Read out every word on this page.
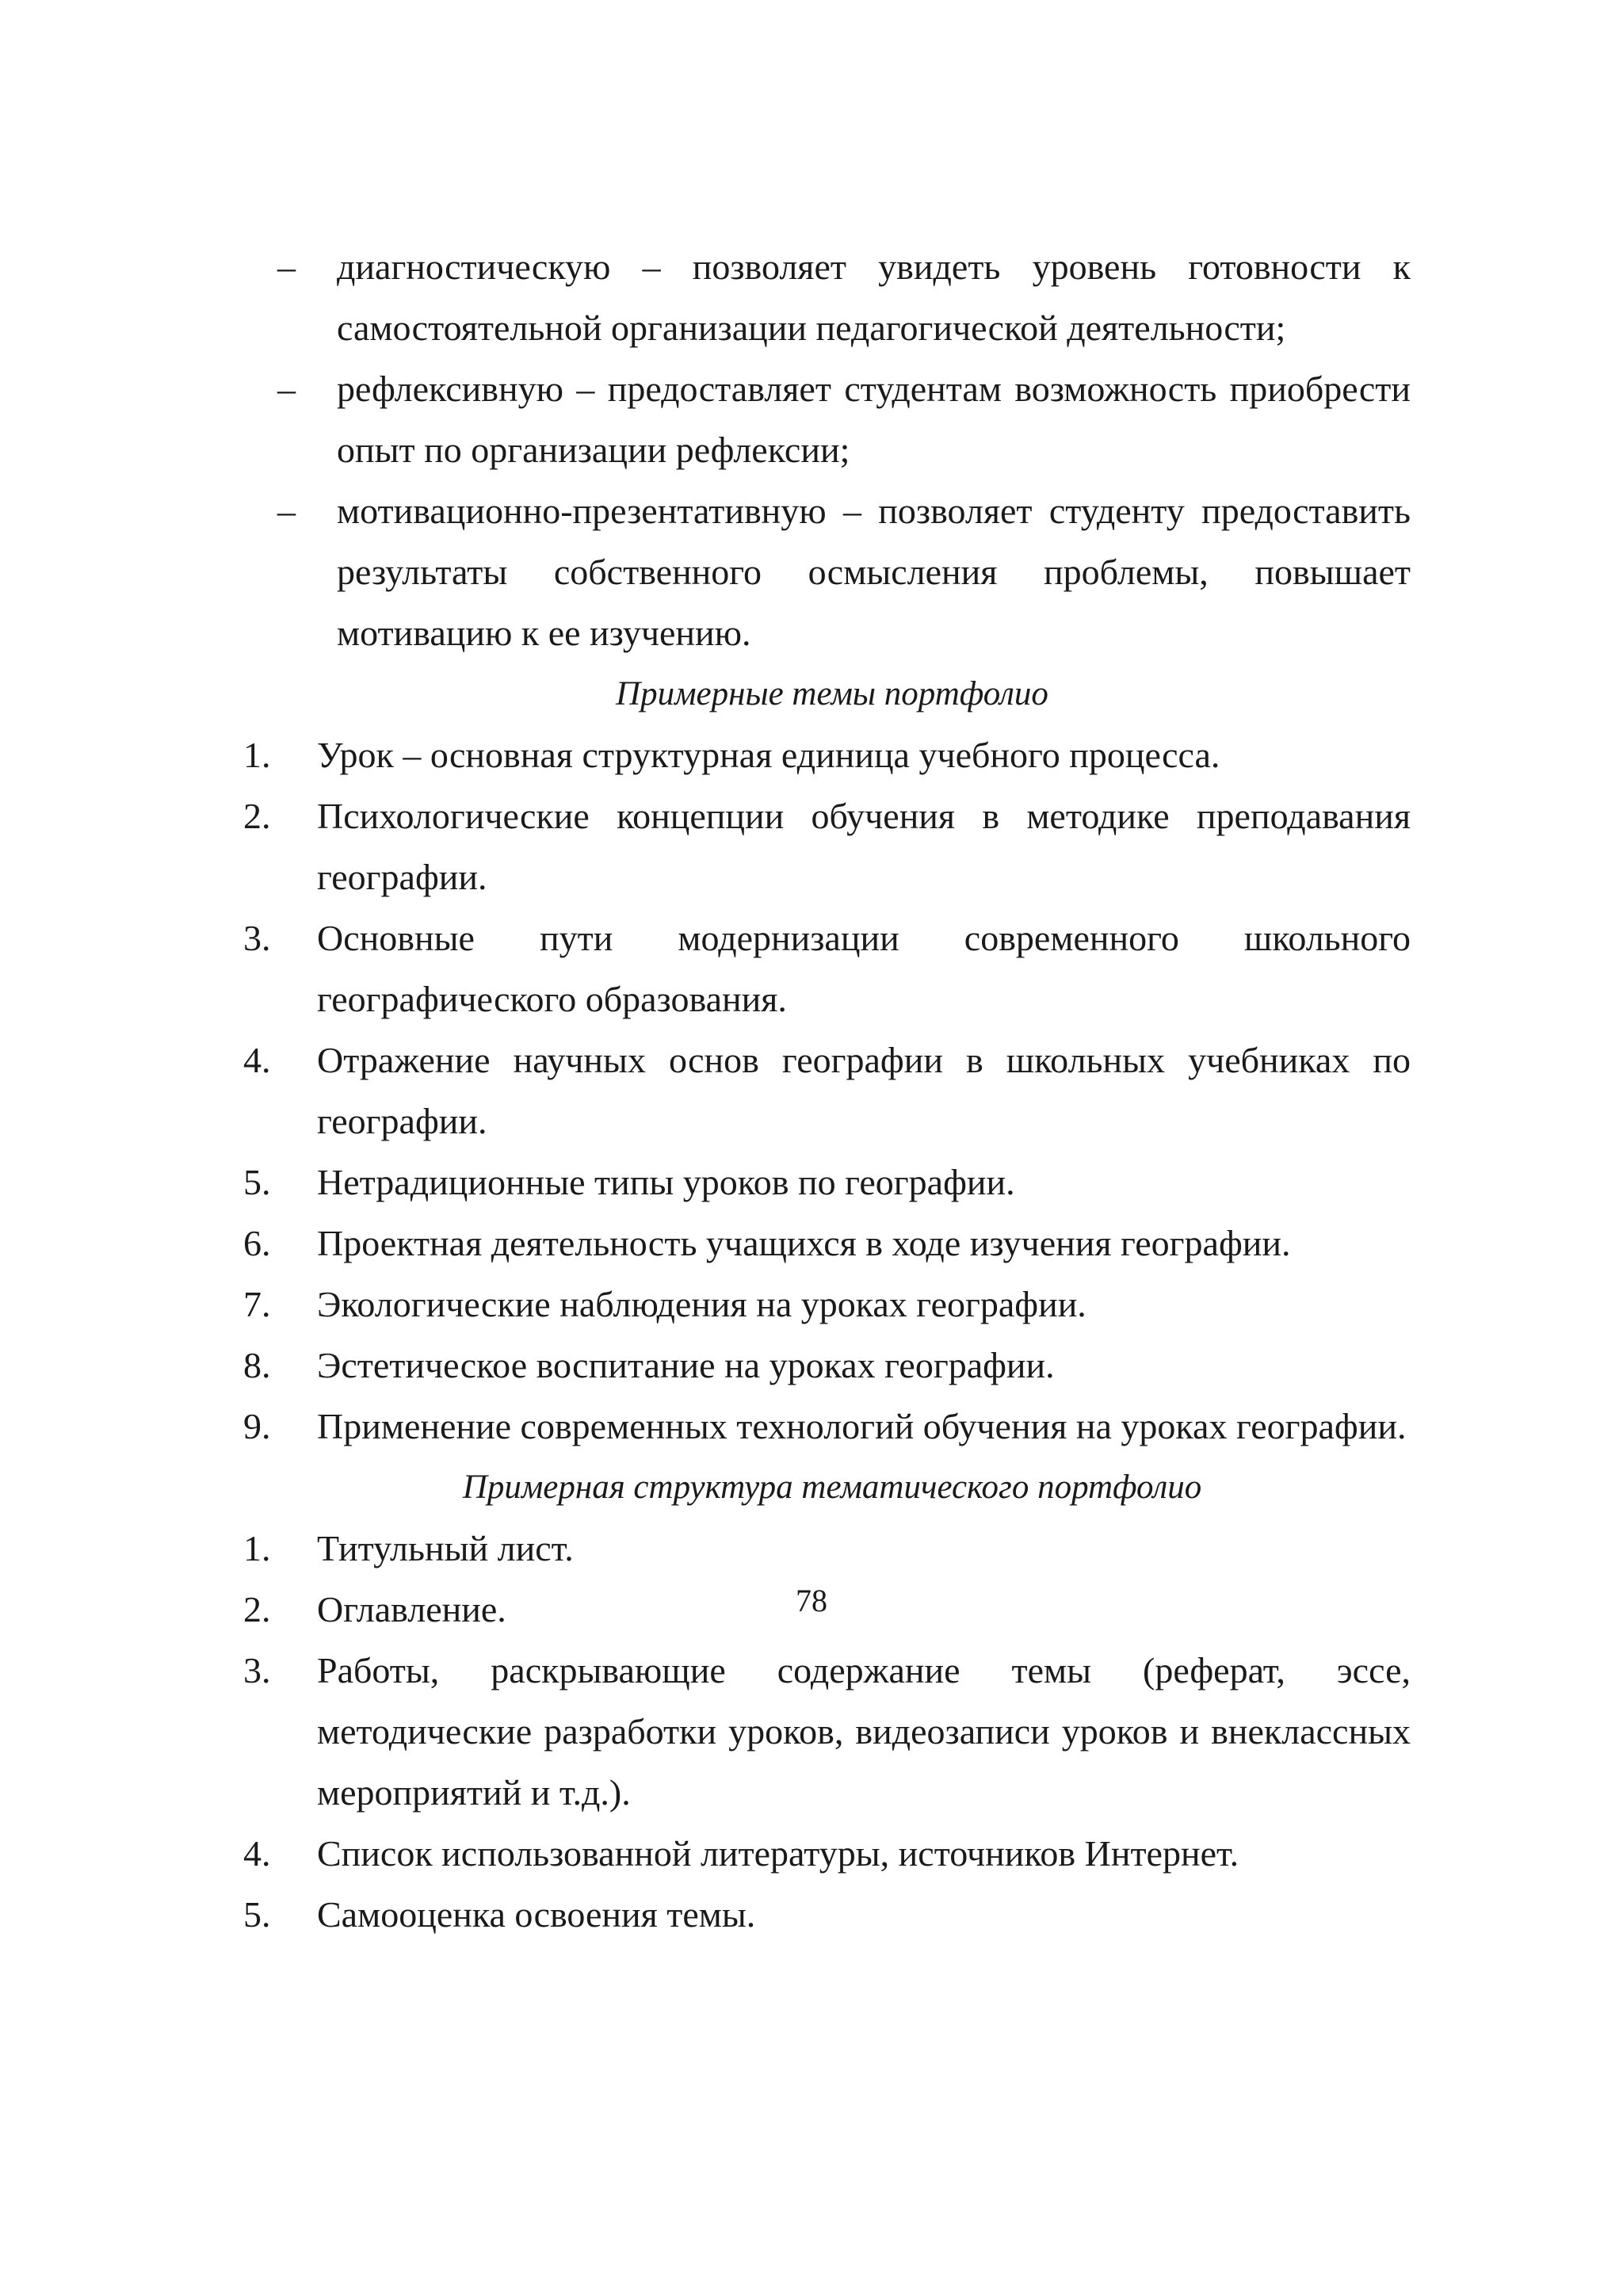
– диагностическую – позволяет увидеть уровень готовности к самостоятельной организации педагогической деятельности;
– рефлексивную – предоставляет студентам возможность приобрести опыт по организации рефлексии;
– мотивационно-презентативную – позволяет студенту предоставить результаты собственного осмысления проблемы, повышает мотивацию к ее изучению.

Примерные темы портфолио

1. Урок – основная структурная единица учебного процесса.
2. Психологические концепции обучения в методике преподавания географии.
3. Основные пути модернизации современного школьного географического образования.
4. Отражение научных основ географии в школьных учебниках по географии.
5. Нетрадиционные типы уроков по географии.
6. Проектная деятельность учащихся в ходе изучения географии.
7. Экологические наблюдения на уроках географии.
8. Эстетическое воспитание на уроках географии.
9. Применение современных технологий обучения на уроках географии.

Примерная структура тематического портфолио

1. Титульный лист.
2. Оглавление.
3. Работы, раскрывающие содержание темы (реферат, эссе, методические разработки уроков, видеозаписи уроков и внеклассных мероприятий и т.д.).
4. Список использованной литературы, источников Интернет.
5. Самооценка освоения темы.
78
